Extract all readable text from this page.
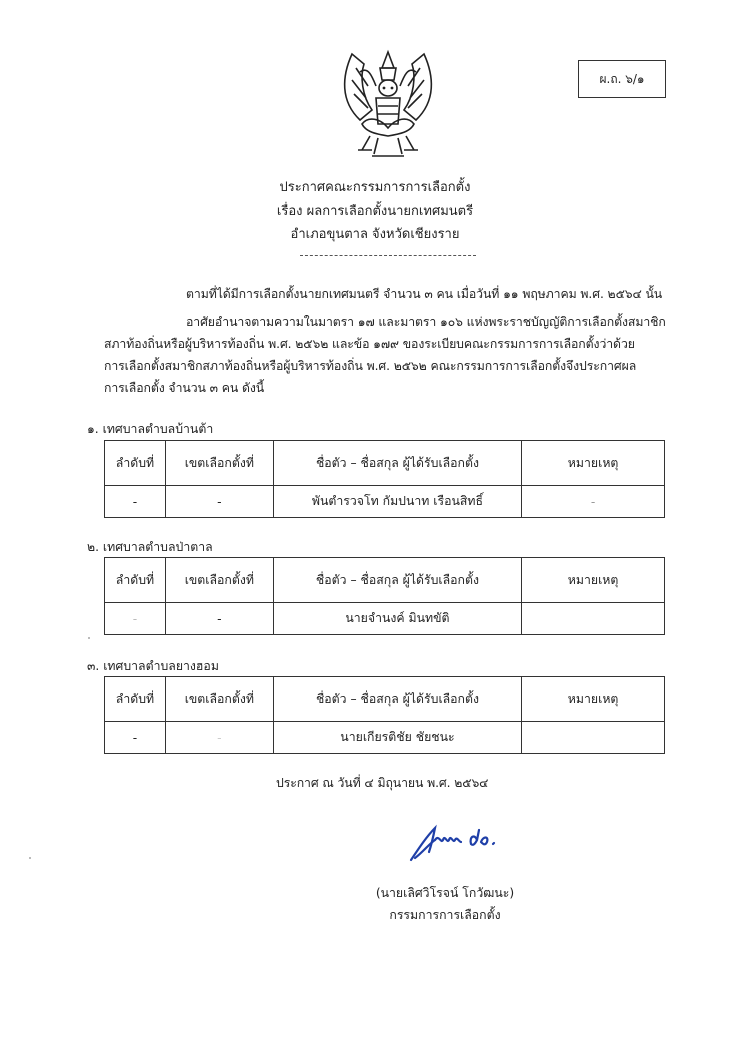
ผ.ถ. ๖/๑
ประกาศคณะกรรมการการเลือกตั้ง
เรื่อง ผลการเลือกตั้งนายกเทศมนตรี
อำเภอขุนตาล จังหวัดเชียงราย
ตามที่ได้มีการเลือกตั้งนายกเทศมนตรี จำนวน ๓ คน เมื่อวันที่ ๑๑ พฤษภาคม พ.ศ. ๒๕๖๔ นั้น
อาศัยอำนาจตามความในมาตรา ๑๗ และมาตรา ๑๐๖ แห่งพระราชบัญญัติการเลือกตั้งสมาชิก
สภาท้องถิ่นหรือผู้บริหารท้องถิ่น พ.ศ. ๒๕๖๒ และข้อ ๑๗๙ ของระเบียบคณะกรรมการการเลือกตั้งว่าด้วย
การเลือกตั้งสมาชิกสภาท้องถิ่นหรือผู้บริหารท้องถิ่น พ.ศ. ๒๕๖๒ คณะกรรมการการเลือกตั้งจึงประกาศผล
การเลือกตั้ง จำนวน ๓ คน ดังนี้
๑. เทศบาลตำบลบ้านต้า
ลำดับที่	เขตเลือกตั้งที่	ชื่อตัว – ชื่อสกุล ผู้ได้รับเลือกตั้ง	หมายเหตุ
-	-	พันตำรวจโท กัมปนาท เรือนสิทธิ์	-
๒. เทศบาลตำบลป่าตาล
ลำดับที่	เขตเลือกตั้งที่	ชื่อตัว – ชื่อสกุล ผู้ได้รับเลือกตั้ง	หมายเหตุ
-	-	นายจำนงค์ มินทขัติ	
๓. เทศบาลตำบลยางฮอม
ลำดับที่	เขตเลือกตั้งที่	ชื่อตัว – ชื่อสกุล ผู้ได้รับเลือกตั้ง	หมายเหตุ
-	-	นายเกียรติชัย ชัยชนะ	
ประกาศ ณ วันที่ ๔ มิถุนายน พ.ศ. ๒๕๖๔
(นายเลิศวิโรจน์ โกวัฒนะ)
กรรมการการเลือกตั้ง
